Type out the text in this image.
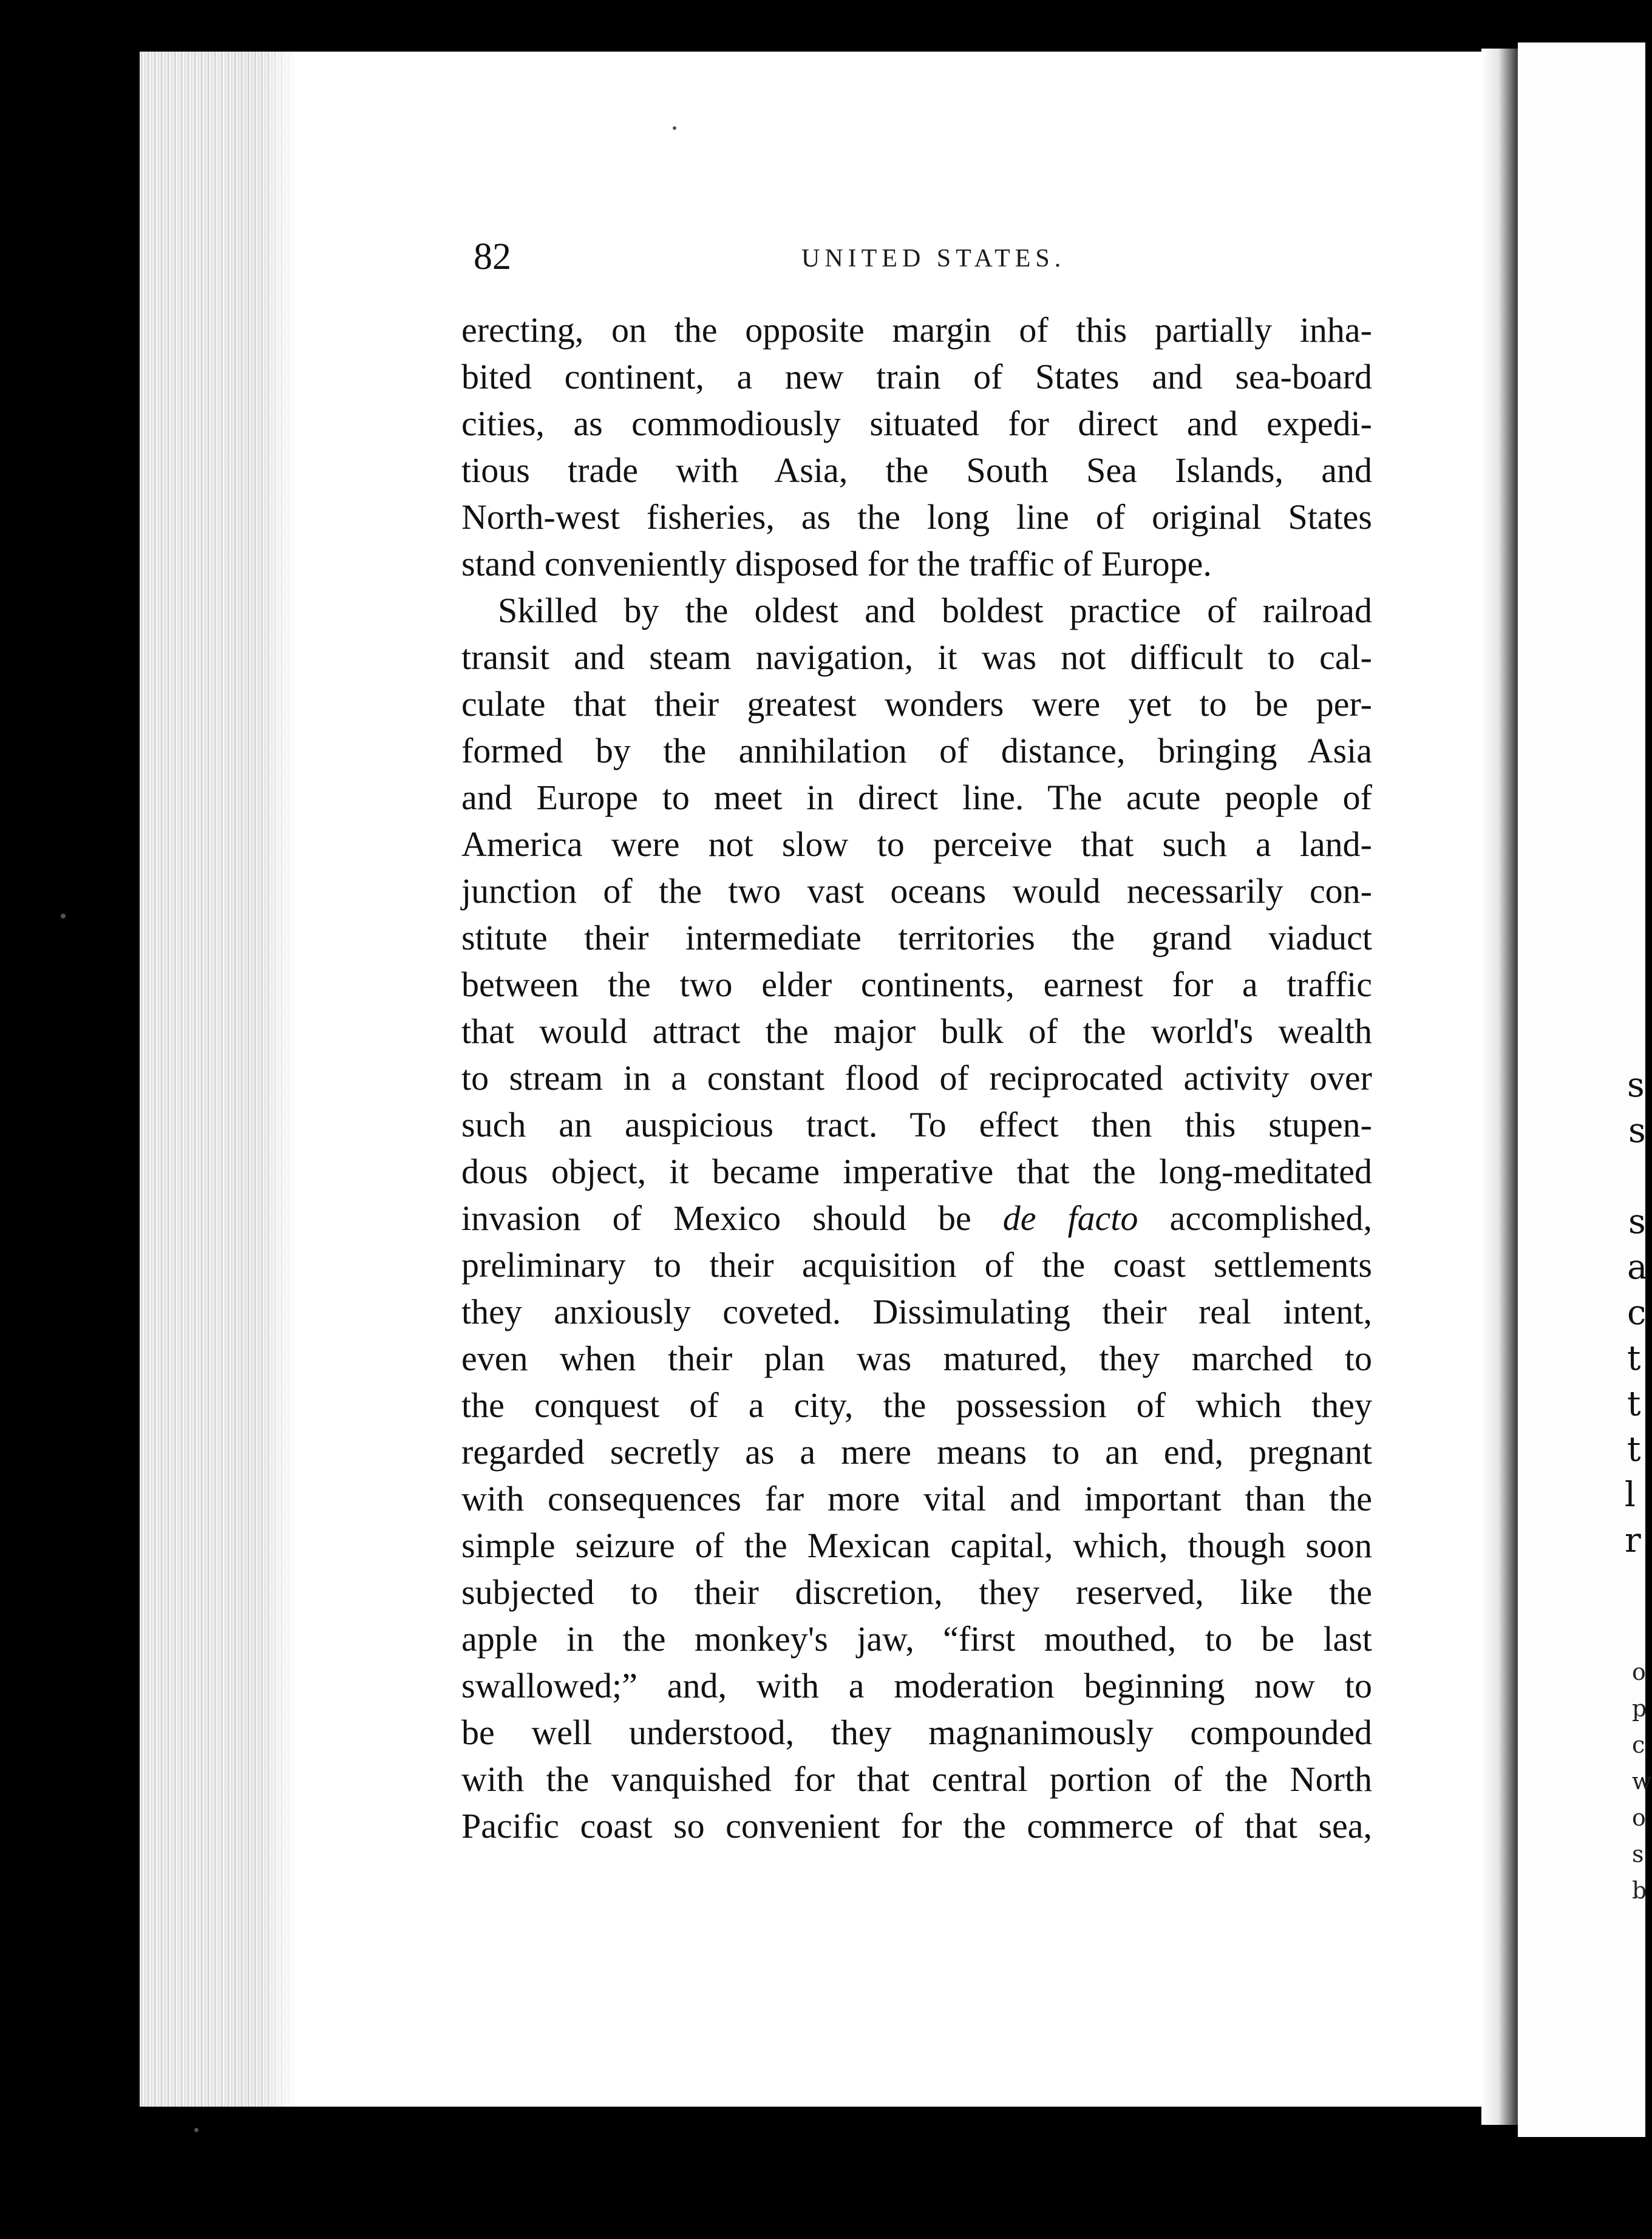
s
s
s
a
c
t
t
t
l
r
o
p
c
w
o
s
b
82	UNITED STATES.
erecting, on the opposite margin of this partially inha-
bited continent, a new train of States and sea-board
cities, as commodiously situated for direct and expedi-
tious trade with Asia, the South Sea Islands, and
North-west fisheries, as the long line of original States
stand conveniently disposed for the traffic of Europe.
Skilled by the oldest and boldest practice of railroad
transit and steam navigation, it was not difficult to cal-
culate that their greatest wonders were yet to be per-
formed by the annihilation of distance, bringing Asia
and Europe to meet in direct line. The acute people of
America were not slow to perceive that such a land-
junction of the two vast oceans would necessarily con-
stitute their intermediate territories the grand viaduct
between the two elder continents, earnest for a traffic
that would attract the major bulk of the world's wealth
to stream in a constant flood of reciprocated activity over
such an auspicious tract. To effect then this stupen-
dous object, it became imperative that the long-meditated
invasion of Mexico should be de facto accomplished,
preliminary to their acquisition of the coast settlements
they anxiously coveted. Dissimulating their real intent,
even when their plan was matured, they marched to
the conquest of a city, the possession of which they
regarded secretly as a mere means to an end, pregnant
with consequences far more vital and important than the
simple seizure of the Mexican capital, which, though soon
subjected to their discretion, they reserved, like the
apple in the monkey's jaw, “first mouthed, to be last
swallowed;” and, with a moderation beginning now to
be well understood, they magnanimously compounded
with the vanquished for that central portion of the North
Pacific coast so convenient for the commerce of that sea,
